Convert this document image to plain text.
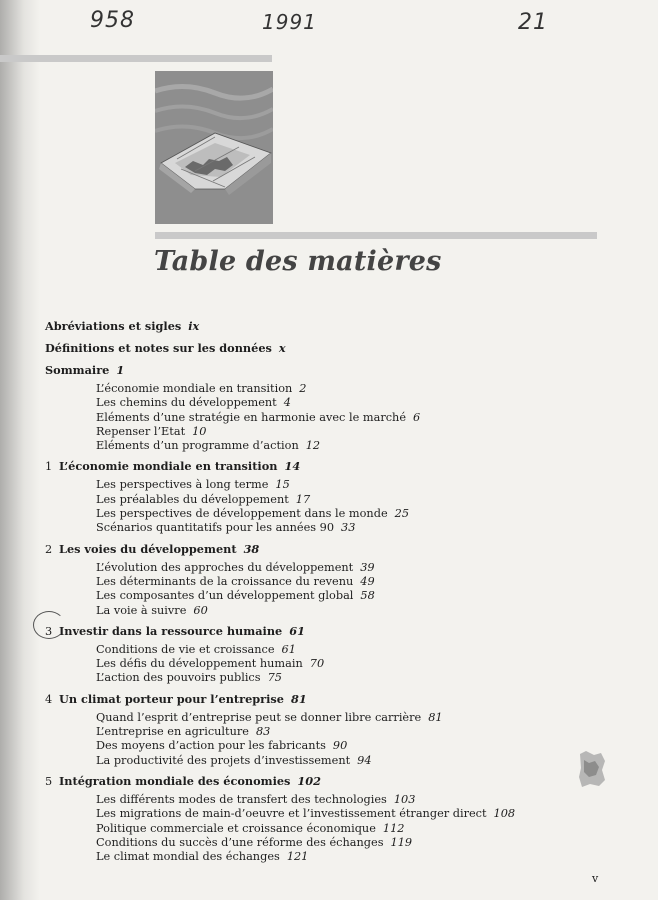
958	1991	21
Table des matières
Abréviations et sigles ix
Définitions et notes sur les données x
Sommaire 1
L’économie mondiale en transition 2
Les chemins du développement 4
Eléments d’une stratégie en harmonie avec le marché 6
Repenser l’Etat 10
Eléments d’un programme d’action 12
1 L’économie mondiale en transition 14
Les perspectives à long terme 15
Les préalables du développement 17
Les perspectives de développement dans le monde 25
Scénarios quantitatifs pour les années 90 33
2 Les voies du développement 38
L’évolution des approches du développement 39
Les déterminants de la croissance du revenu 49
Les composantes d’un développement global 58
La voie à suivre 60
3 Investir dans la ressource humaine 61
Conditions de vie et croissance 61
Les défis du développement humain 70
L’action des pouvoirs publics 75
4 Un climat porteur pour l’entreprise 81
Quand l’esprit d’entreprise peut se donner libre carrière 81
L’entreprise en agriculture 83
Des moyens d’action pour les fabricants 90
La productivité des projets d’investissement 94
5 Intégration mondiale des économies 102
Les différents modes de transfert des technologies 103
Les migrations de main-d’oeuvre et l’investissement étranger direct 108
Politique commerciale et croissance économique 112
Conditions du succès d’une réforme des échanges 119
Le climat mondial des échanges 121
v
